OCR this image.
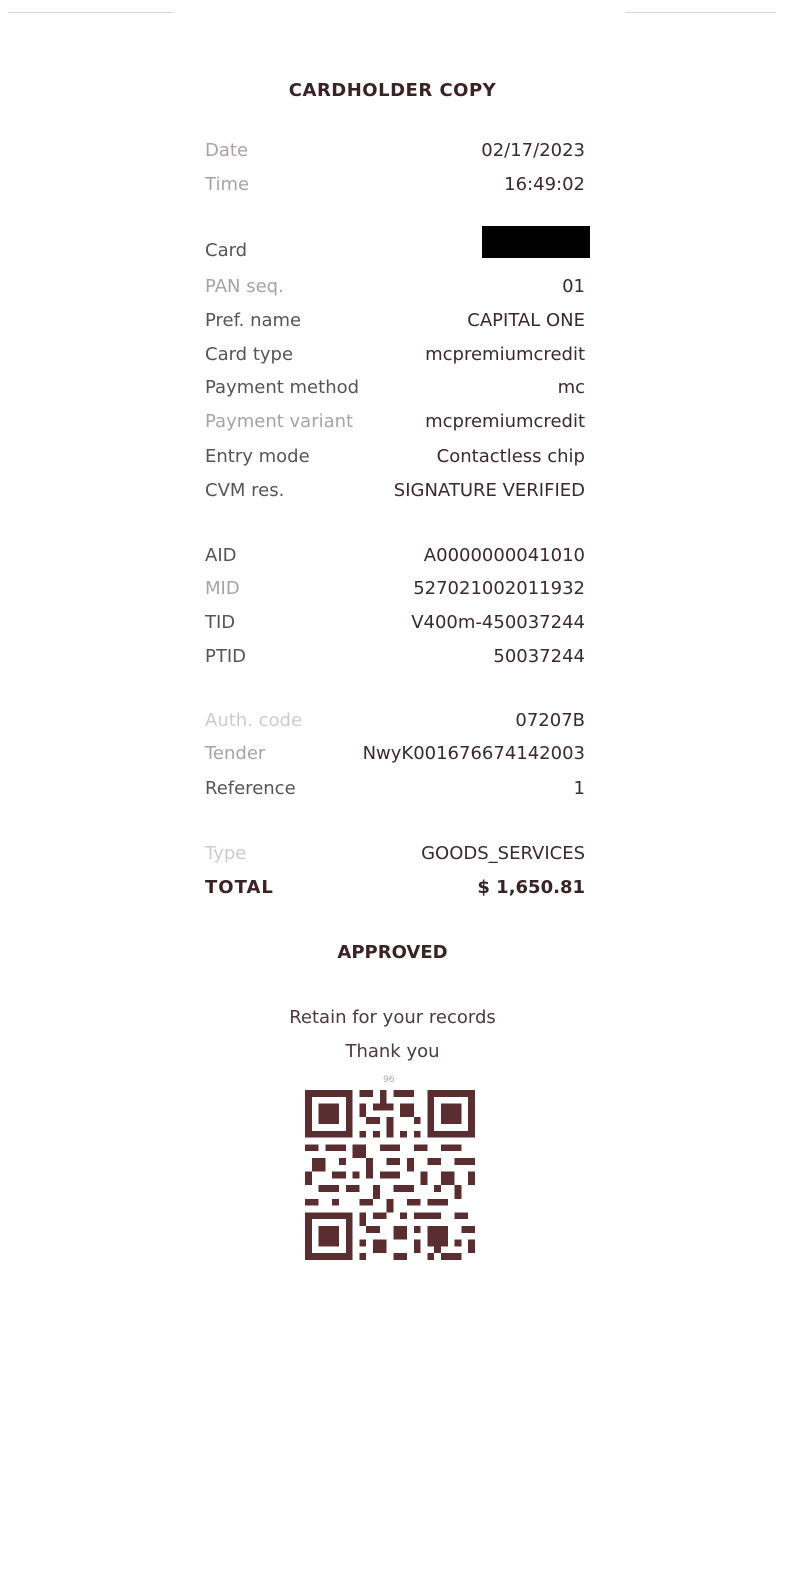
CARDHOLDER COPY
Date	02/17/2023
Time	16:49:02
Card
PAN seq.	01
Pref. name	CAPITAL ONE
Card type	mcpremiumcredit
Payment method	mc
Payment variant	mcpremiumcredit
Entry mode	Contactless chip
CVM res.	SIGNATURE VERIFIED
AID	A0000000041010
MID	527021002011932
TID	V400m-450037244
PTID	50037244
Auth. code	07207B
Tender	NwyK001676674142003
Reference	1
Type	GOODS_SERVICES
TOTAL	$ 1,650.81
APPROVED
Retain for your records
Thank you
96
